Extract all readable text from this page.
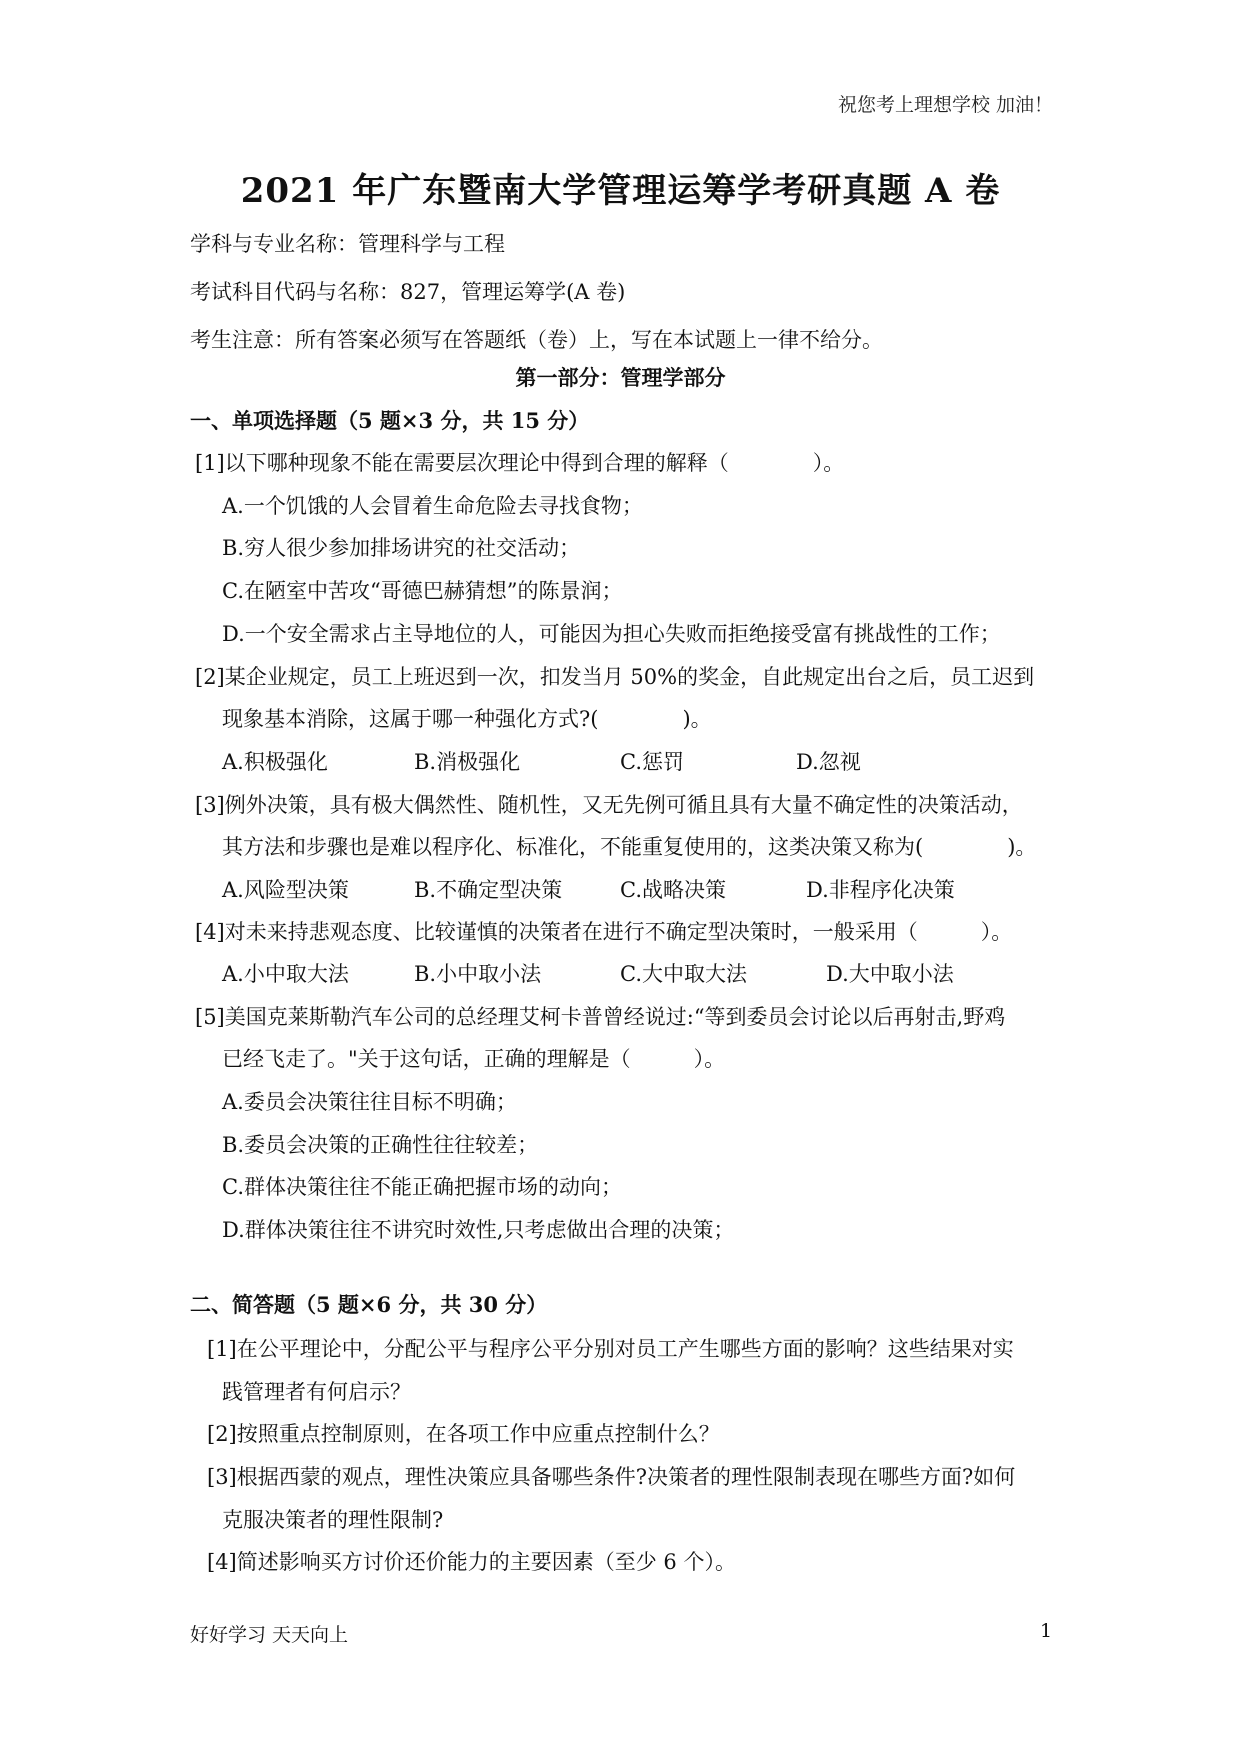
祝您考上理想学校 加油！
2021 年广东暨南大学管理运筹学考研真题 A 卷
学科与专业名称：管理科学与工程
考试科目代码与名称：827，管理运筹学(A 卷)
考生注意：所有答案必须写在答题纸（卷）上，写在本试题上一律不给分。
第一部分：管理学部分
一、单项选择题（5 题×3 分，共 15 分）
[1]以下哪种现象不能在需要层次理论中得到合理的解释（　　　　）。
A.一个饥饿的人会冒着生命危险去寻找食物；
B.穷人很少参加排场讲究的社交活动；
C.在陋室中苦攻“哥德巴赫猜想”的陈景润；
D.一个安全需求占主导地位的人，可能因为担心失败而拒绝接受富有挑战性的工作；
[2]某企业规定，员工上班迟到一次，扣发当月 50%的奖金，自此规定出台之后，员工迟到
现象基本消除，这属于哪一种强化方式?(　　　　)。
A.积极强化	B.消极强化	C.惩罚	D.忽视
[3]例外决策，具有极大偶然性、随机性，又无先例可循且具有大量不确定性的决策活动，
其方法和步骤也是难以程序化、标准化，不能重复使用的，这类决策又称为(　　　　)。
A.风险型决策	B.不确定型决策	C.战略决策	D.非程序化决策
[4]对未来持悲观态度、比较谨慎的决策者在进行不确定型决策时，一般采用（　　　）。
A.小中取大法	B.小中取小法	C.大中取大法	D.大中取小法
[5]美国克莱斯勒汽车公司的总经理艾柯卡普曾经说过:“等到委员会讨论以后再射击,野鸡
已经飞走了。"关于这句话，正确的理解是（　　　）。
A.委员会决策往往目标不明确；
B.委员会决策的正确性往往较差；
C.群体决策往往不能正确把握市场的动向；
D.群体决策往往不讲究时效性,只考虑做出合理的决策；
二、简答题（5 题×6 分，共 30 分）
[1]在公平理论中，分配公平与程序公平分别对员工产生哪些方面的影响？这些结果对实
践管理者有何启示？
[2]按照重点控制原则，在各项工作中应重点控制什么？
[3]根据西蒙的观点，理性决策应具备哪些条件?决策者的理性限制表现在哪些方面?如何
克服决策者的理性限制?
[4]简述影响买方讨价还价能力的主要因素（至少 6 个）。
好好学习 天天向上	1
